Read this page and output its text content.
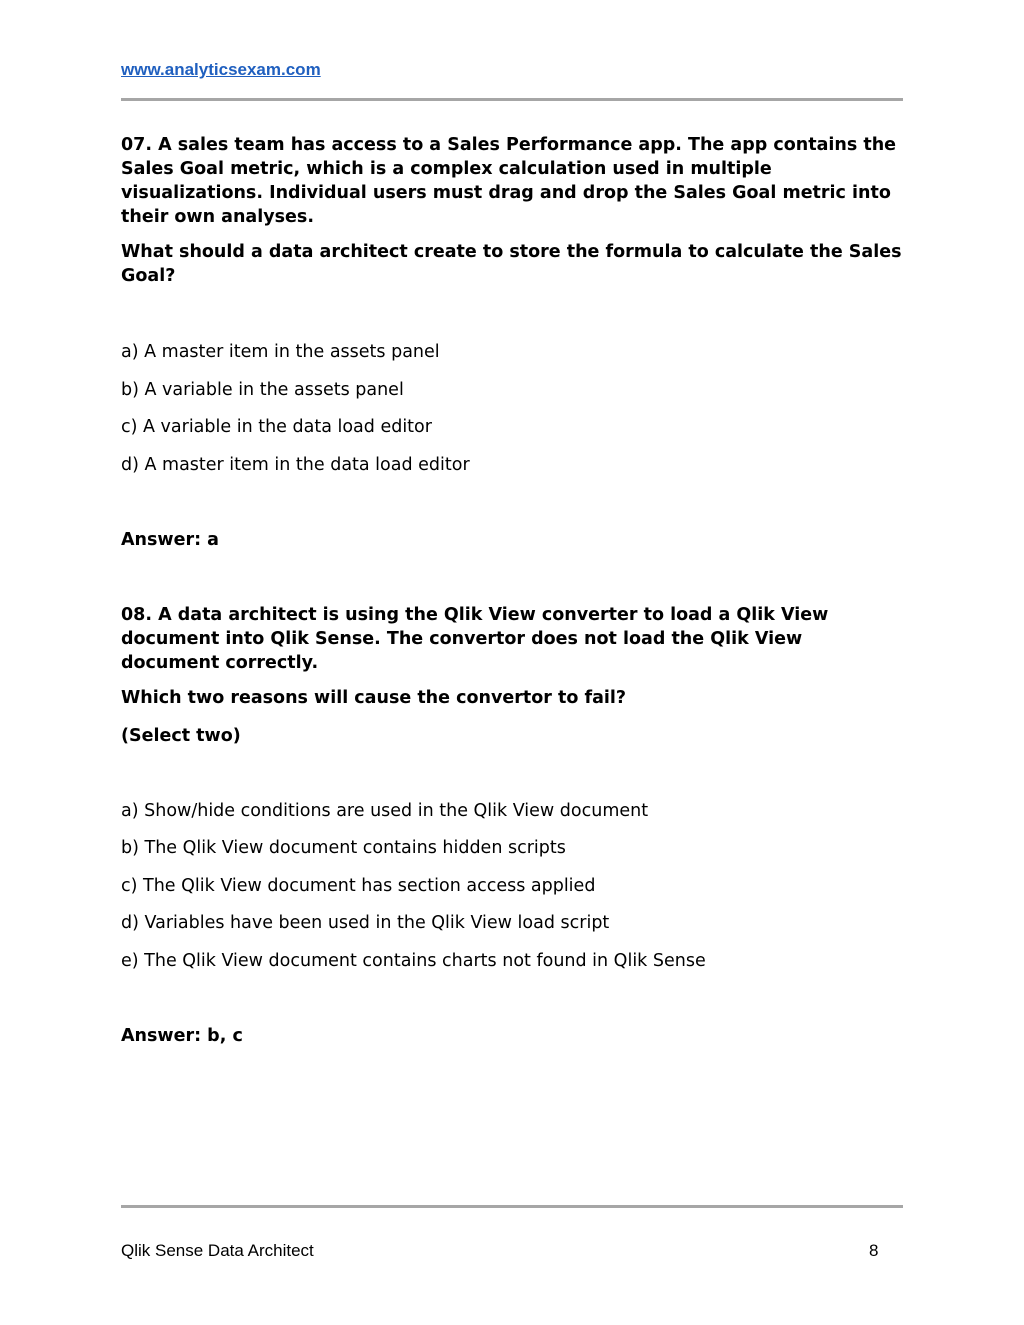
www.analyticsexam.com

07. A sales team has access to a Sales Performance app. The app contains the Sales Goal metric, which is a complex calculation used in multiple visualizations. Individual users must drag and drop the Sales Goal metric into their own analyses.

What should a data architect create to store the formula to calculate the Sales Goal?

a) A master item in the assets panel

b) A variable in the assets panel

c) A variable in the data load editor

d) A master item in the data load editor

Answer: a

08. A data architect is using the Qlik View converter to load a Qlik View document into Qlik Sense. The convertor does not load the Qlik View document correctly.

Which two reasons will cause the convertor to fail?

(Select two)

a) Show/hide conditions are used in the Qlik View document

b) The Qlik View document contains hidden scripts

c) The Qlik View document has section access applied

d) Variables have been used in the Qlik View load script

e) The Qlik View document contains charts not found in Qlik Sense

Answer: b, c

Qlik Sense Data Architect	8
